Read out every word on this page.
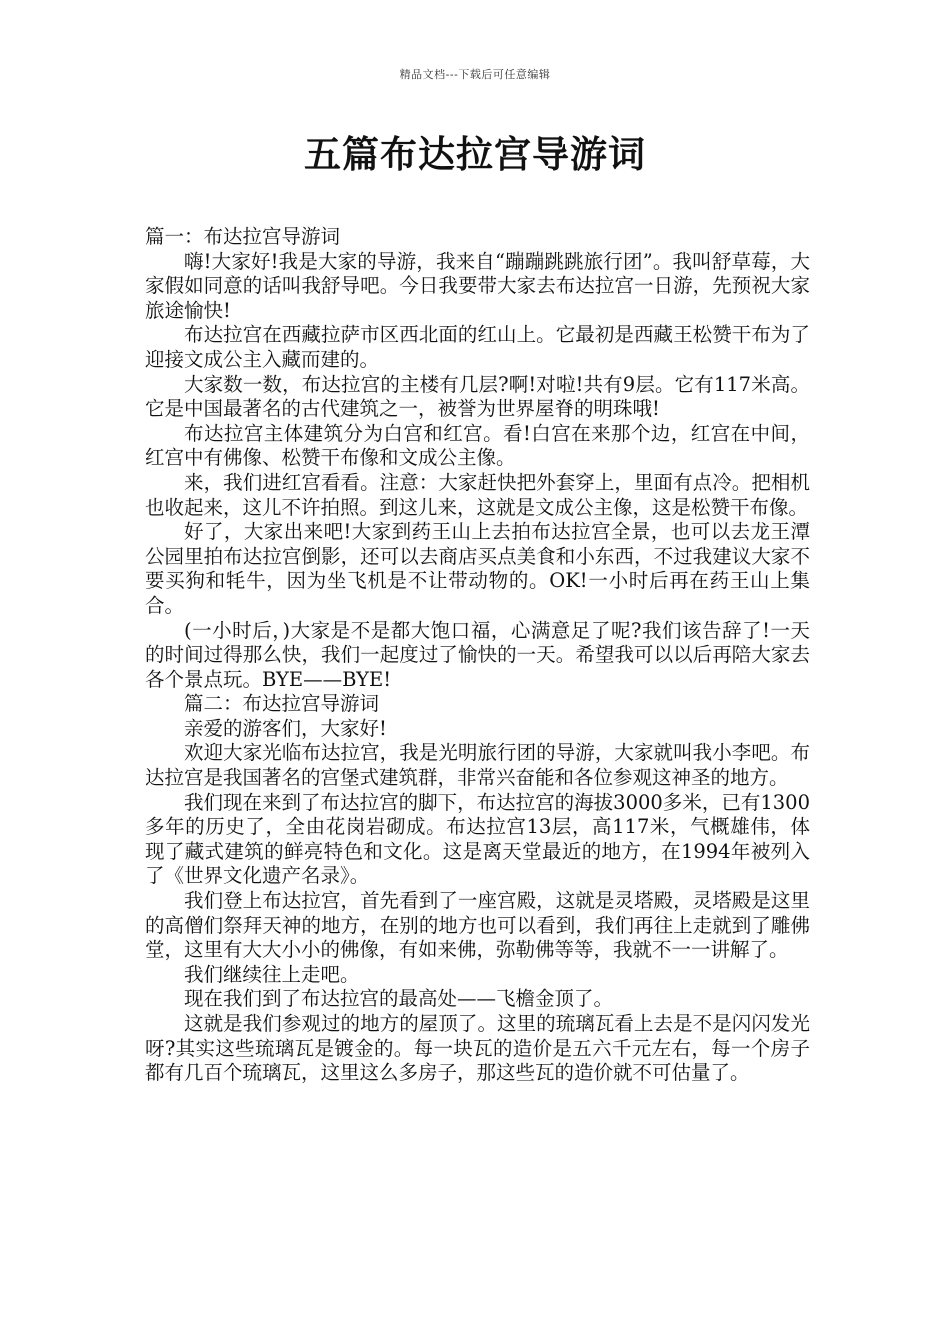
精品文档---下载后可任意编辑
五篇布达拉宫导游词

篇一：布达拉宫导游词

嗨!大家好!我是大家的导游，我来自“蹦蹦跳跳旅行团”。我叫舒草莓，大家假如同意的话叫我舒导吧。今日我要带大家去布达拉宫一日游，先预祝大家旅途愉快!

布达拉宫在西藏拉萨市区西北面的红山上。它最初是西藏王松赞干布为了迎接文成公主入藏而建的。

大家数一数，布达拉宫的主楼有几层?啊!对啦!共有9层。它有117米高。它是中国最著名的古代建筑之一，被誉为世界屋脊的明珠哦!

布达拉宫主体建筑分为白宫和红宫。看!白宫在来那个边，红宫在中间，红宫中有佛像、松赞干布像和文成公主像。

来，我们进红宫看看。注意：大家赶快把外套穿上，里面有点冷。把相机也收起来，这儿不许拍照。到这儿来，这就是文成公主像，这是松赞干布像。

好了，大家出来吧!大家到药王山上去拍布达拉宫全景，也可以去龙王潭公园里拍布达拉宫倒影，还可以去商店买点美食和小东西，不过我建议大家不要买狗和牦牛，因为坐飞机是不让带动物的。OK!一小时后再在药王山上集合。

(一小时后，)大家是不是都大饱口福，心满意足了呢?我们该告辞了!一天的时间过得那么快，我们一起度过了愉快的一天。希望我可以以后再陪大家去各个景点玩。BYE——BYE!

篇二：布达拉宫导游词

亲爱的游客们，大家好!

欢迎大家光临布达拉宫，我是光明旅行团的导游，大家就叫我小李吧。布达拉宫是我国著名的宫堡式建筑群，非常兴奋能和各位参观这神圣的地方。

我们现在来到了布达拉宫的脚下，布达拉宫的海拔3000多米，已有1300多年的历史了，全由花岗岩砌成。布达拉宫13层，高117米，气概雄伟，体现了藏式建筑的鲜亮特色和文化。这是离天堂最近的地方，在1994年被列入了《世界文化遗产名录》。

我们登上布达拉宫，首先看到了一座宫殿，这就是灵塔殿，灵塔殿是这里的高僧们祭拜天神的地方，在别的地方也可以看到，我们再往上走就到了雕佛堂，这里有大大小小的佛像，有如来佛，弥勒佛等等，我就不一一讲解了。

我们继续往上走吧。

现在我们到了布达拉宫的最高处——飞檐金顶了。

这就是我们参观过的地方的屋顶了。这里的琉璃瓦看上去是不是闪闪发光呀?其实这些琉璃瓦是镀金的。每一块瓦的造价是五六千元左右，每一个房子都有几百个琉璃瓦，这里这么多房子，那这些瓦的造价就不可估量了。
